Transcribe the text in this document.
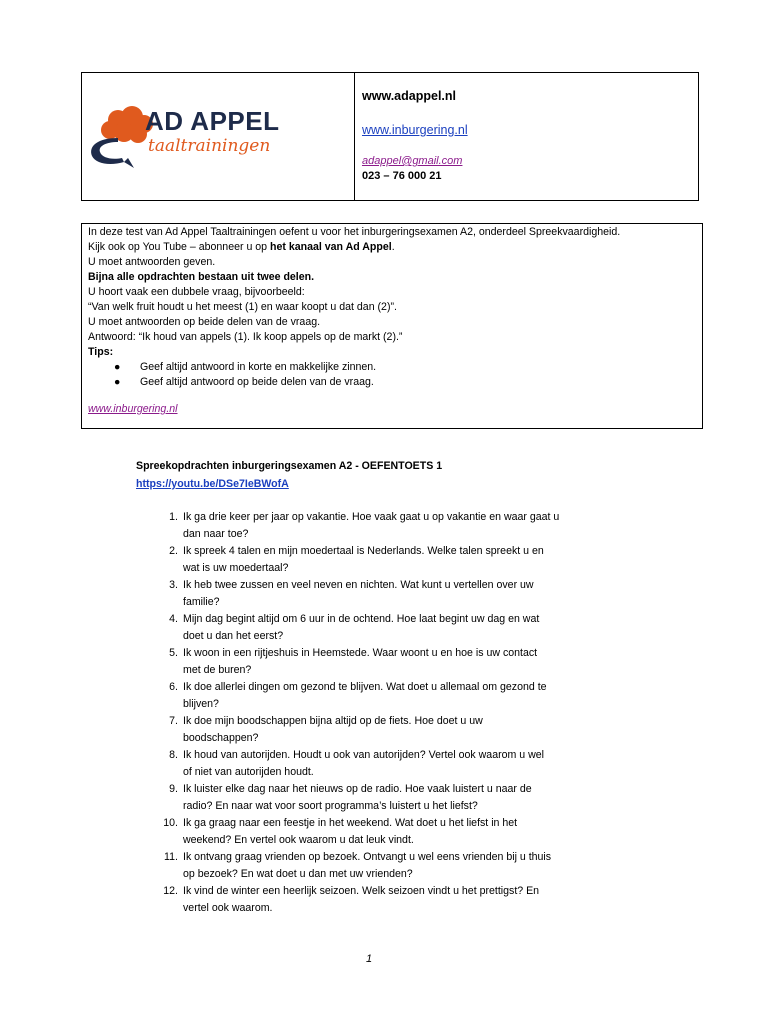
AD APPEL
taaltrainingen
www.adappel.nl
www.inburgering.nl
adappel@gmail.com
023 – 76 000 21
In deze test van Ad Appel Taaltrainingen oefent u voor het inburgeringsexamen A2, onderdeel Spreekvaardigheid.
Kijk ook op You Tube – abonneer u op het kanaal van Ad Appel.
U moet antwoorden geven.
Bijna alle opdrachten bestaan uit twee delen.
U hoort vaak een dubbele vraag, bijvoorbeeld:
“Van welk fruit houdt u het meest (1) en waar koopt u dat dan (2)”.
U moet antwoorden op beide delen van de vraag.
Antwoord: “Ik houd van appels (1). Ik koop appels op de markt (2).”
Tips:
●	Geef altijd antwoord in korte en makkelijke zinnen.
●	Geef altijd antwoord op beide delen van de vraag.
www.inburgering.nl
Spreekopdrachten inburgeringsexamen A2 - OEFENTOETS 1
https://youtu.be/DSe7IeBWofA
1. Ik ga drie keer per jaar op vakantie. Hoe vaak gaat u op vakantie en waar gaat u
dan naar toe?
2. Ik spreek 4 talen en mijn moedertaal is Nederlands. Welke talen spreekt u en
wat is uw moedertaal?
3. Ik heb twee zussen en veel neven en nichten. Wat kunt u vertellen over uw
familie?
4. Mijn dag begint altijd om 6 uur in de ochtend. Hoe laat begint uw dag en wat
doet u dan het eerst?
5. Ik woon in een rijtjeshuis in Heemstede. Waar woont u en hoe is uw contact
met de buren?
6. Ik doe allerlei dingen om gezond te blijven. Wat doet u allemaal om gezond te
blijven?
7. Ik doe mijn boodschappen bijna altijd op de fiets. Hoe doet u uw
boodschappen?
8. Ik houd van autorijden. Houdt u ook van autorijden? Vertel ook waarom u wel
of niet van autorijden houdt.
9. Ik luister elke dag naar het nieuws op de radio. Hoe vaak luistert u naar de
radio? En naar wat voor soort programma’s luistert u het liefst?
10. Ik ga graag naar een feestje in het weekend. Wat doet u het liefst in het
weekend? En vertel ook waarom u dat leuk vindt.
11. Ik ontvang graag vrienden op bezoek. Ontvangt u wel eens vrienden bij u thuis
op bezoek? En wat doet u dan met uw vrienden?
12. Ik vind de winter een heerlijk seizoen. Welk seizoen vindt u het prettigst? En
vertel ook waarom.
1
